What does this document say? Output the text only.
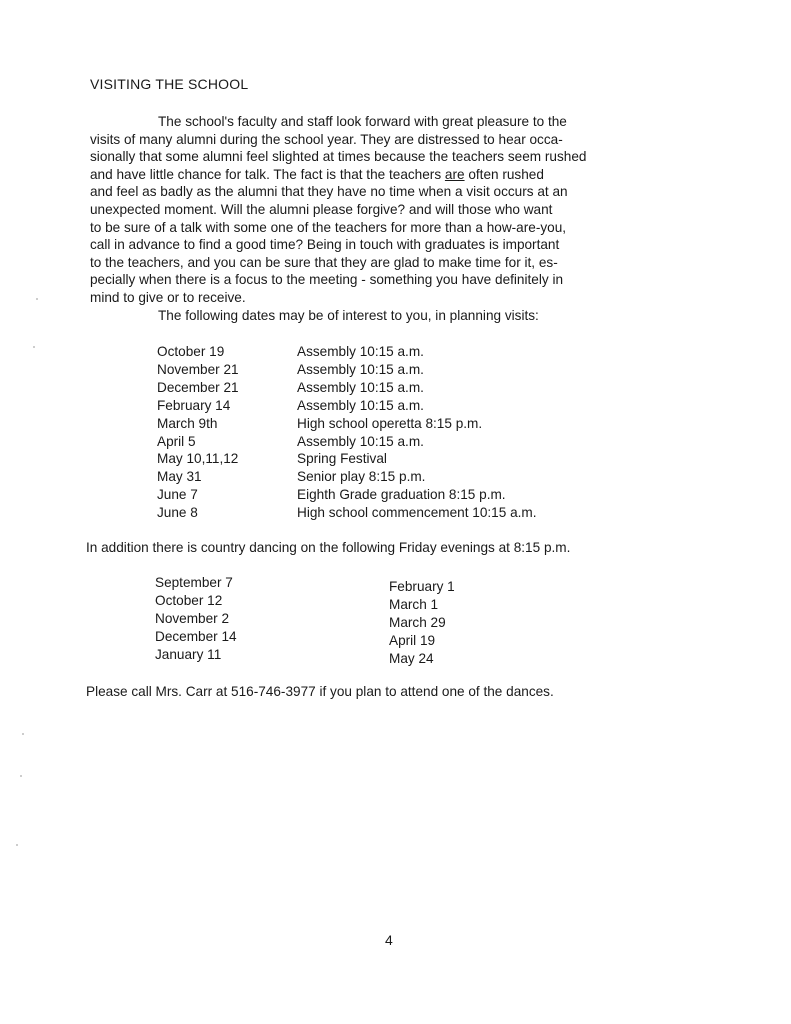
VISITING THE SCHOOL
The school's faculty and staff look forward with great pleasure to the
visits of many alumni during the school year. They are distressed to hear occa-
sionally that some alumni feel slighted at times because the teachers seem rushed
and have little chance for talk. The fact is that the teachers are often rushed
and feel as badly as the alumni that they have no time when a visit occurs at an
unexpected moment. Will the alumni please forgive? and will those who want
to be sure of a talk with some one of the teachers for more than a how-are-you,
call in advance to find a good time? Being in touch with graduates is important
to the teachers, and you can be sure that they are glad to make time for it, es-
pecially when there is a focus to the meeting - something you have definitely in
mind to give or to receive.
The following dates may be of interest to you, in planning visits:
October 19	Assembly 10:15 a.m.
November 21	Assembly 10:15 a.m.
December 21	Assembly 10:15 a.m.
February 14	Assembly 10:15 a.m.
March 9th	High school operetta 8:15 p.m.
April 5	Assembly 10:15 a.m.
May 10,11,12	Spring Festival
May 31	Senior play 8:15 p.m.
June 7	Eighth Grade graduation 8:15 p.m.
June 8	High school commencement 10:15 a.m.
In addition there is country dancing on the following Friday evenings at 8:15 p.m.
September 7
October 12
November 2
December 14
January 11
February 1
March 1
March 29
April 19
May 24
Please call Mrs. Carr at 516-746-3977 if you plan to attend one of the dances.
4
